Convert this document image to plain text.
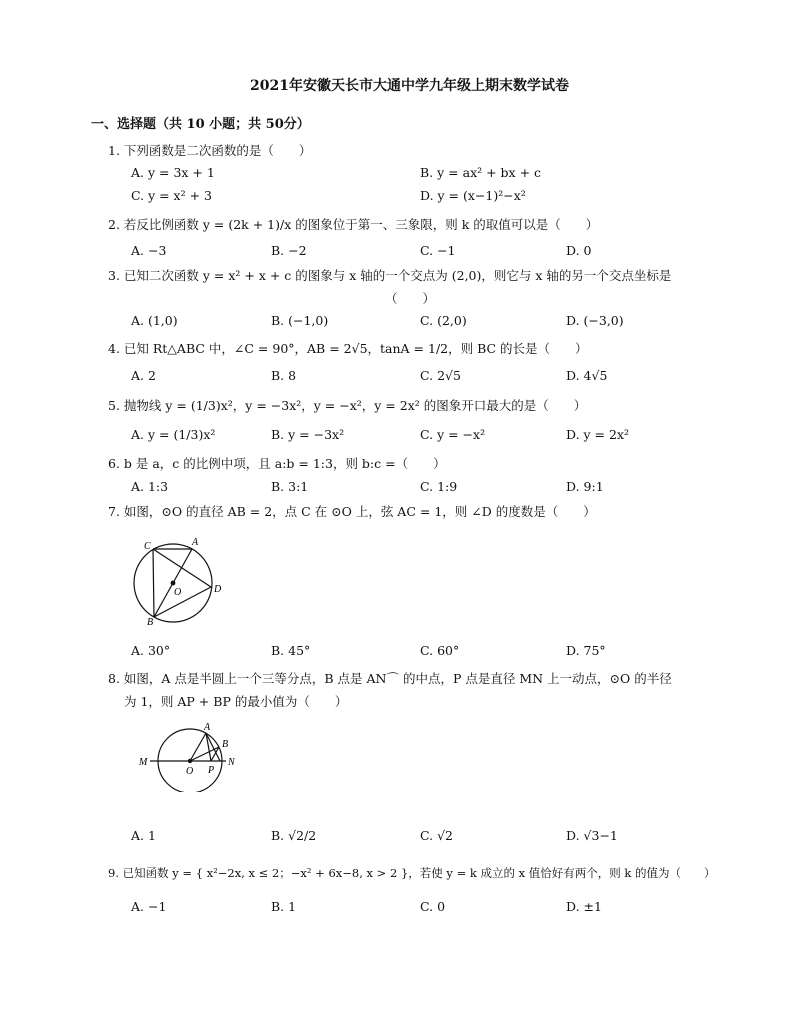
2021年安徽天长市大通中学九年级上期末数学试卷
一、选择题（共 10 小题；共 50分）
1. 下列函数是二次函数的是（　　）
A. y = 3x + 1	B. y = ax² + bx + c
C. y = x² + 3	D. y = (x−1)²−x²
2. 若反比例函数 y = (2k + 1)/x 的图象位于第一、三象限，则 k 的取值可以是（　　）
A. −3	B. −2	C. −1	D. 0
3. 已知二次函数 y = x² + x + c 的图象与 x 轴的一个交点为 (2,0)，则它与 x 轴的另一个交点坐标是
（　　）
A. (1,0)	B. (−1,0)	C. (2,0)	D. (−3,0)
4. 已知 Rt△ABC 中，∠C = 90°，AB = 2√5，tanA = 1/2，则 BC 的长是（　　）
A. 2	B. 8	C. 2√5	D. 4√5
5. 抛物线 y = (1/3)x²，y = −3x²，y = −x²，y = 2x² 的图象开口最大的是（　　）
A. y = (1/3)x²	B. y = −3x²	C. y = −x²	D. y = 2x²
6. b 是 a，c 的比例中项，且 a:b = 1:3，则 b:c =（　　）
A. 1:3	B. 3:1	C. 1:9	D. 9:1
7. 如图，⊙O 的直径 AB = 2，点 C 在 ⊙O 上，弦 AC = 1，则 ∠D 的度数是（　　）
C	A
O	D
B
A. 30°	B. 45°	C. 60°	D. 75°
8. 如图，A 点是半圆上一个三等分点，B 点是 AN⌒ 的中点，P 点是直径 MN 上一动点，⊙O 的半径
为 1，则 AP + BP 的最小值为（　　）
A
B
M	N
O P
A. 1	B. √2/2	C. √2	D. √3−1
9. 已知函数 y = { x²−2x, x ≤ 2；−x² + 6x−8, x > 2 }，若使 y = k 成立的 x 值恰好有两个，则 k 的值为（　　）
A. −1	B. 1	C. 0	D. ±1
